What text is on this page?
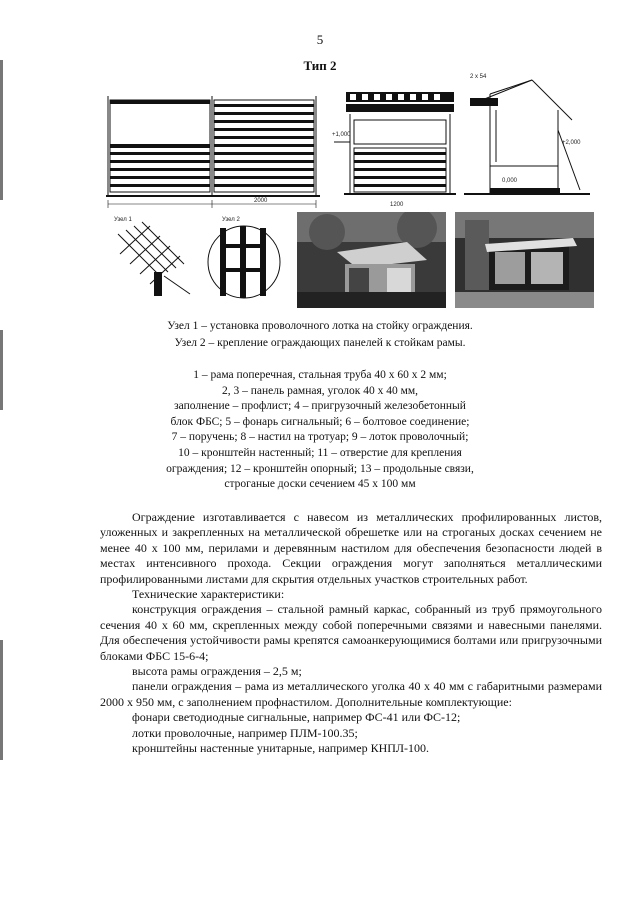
5
Тип 2
2000
+1,000
1200
2 x 54
+2,000
0,000
Узел 1	Узел 2
Узел 1 – установка проволочного лотка на стойку ограждения.
Узел 2 – крепление ограждающих панелей к стойкам рамы.
1 – рама поперечная, стальная труба 40 х 60 х 2 мм;
2, 3 – панель рамная, уголок 40 х 40 мм,
заполнение – профлист; 4 – пригрузочный железобетонный
блок ФБС; 5 – фонарь сигнальный; 6 – болтовое соединение;
7 – поручень; 8 – настил на тротуар; 9 – лоток проволочный;
10 – кронштейн настенный; 11 – отверстие для крепления
ограждения; 12 – кронштейн опорный; 13 – продольные связи,
строганые доски сечением 45 х 100 мм

Ограждение изготавливается с навесом из металлических профилированных листов, уложенных и закрепленных на металлической обрешетке или на строганых досках сечением не менее 40 х 100 мм, перилами и деревянным настилом для обеспечения безопасности людей в местах интенсивного прохода. Секции ограждения могут заполняться металлическими профилированными листами для скрытия отдельных участков строительных работ.

Технические характеристики:

конструкция ограждения – стальной рамный каркас, собранный из труб прямоугольного сечения 40 х 60 мм, скрепленных между собой поперечными связями и навесными панелями. Для обеспечения устойчивости рамы крепятся самоанкерующимися болтами или пригрузочными блоками ФБС 15-6-4;

высота рамы ограждения – 2,5 м;

панели ограждения – рама из металлического уголка 40 х 40 мм с габаритными размерами 2000 х 950 мм, с заполнением профнастилом. Дополнительные комплектующие:

фонари светодиодные сигнальные, например ФС-41 или ФС-12;

лотки проволочные, например ПЛМ-100.35;

кронштейны настенные унитарные, например КНПЛ-100.
